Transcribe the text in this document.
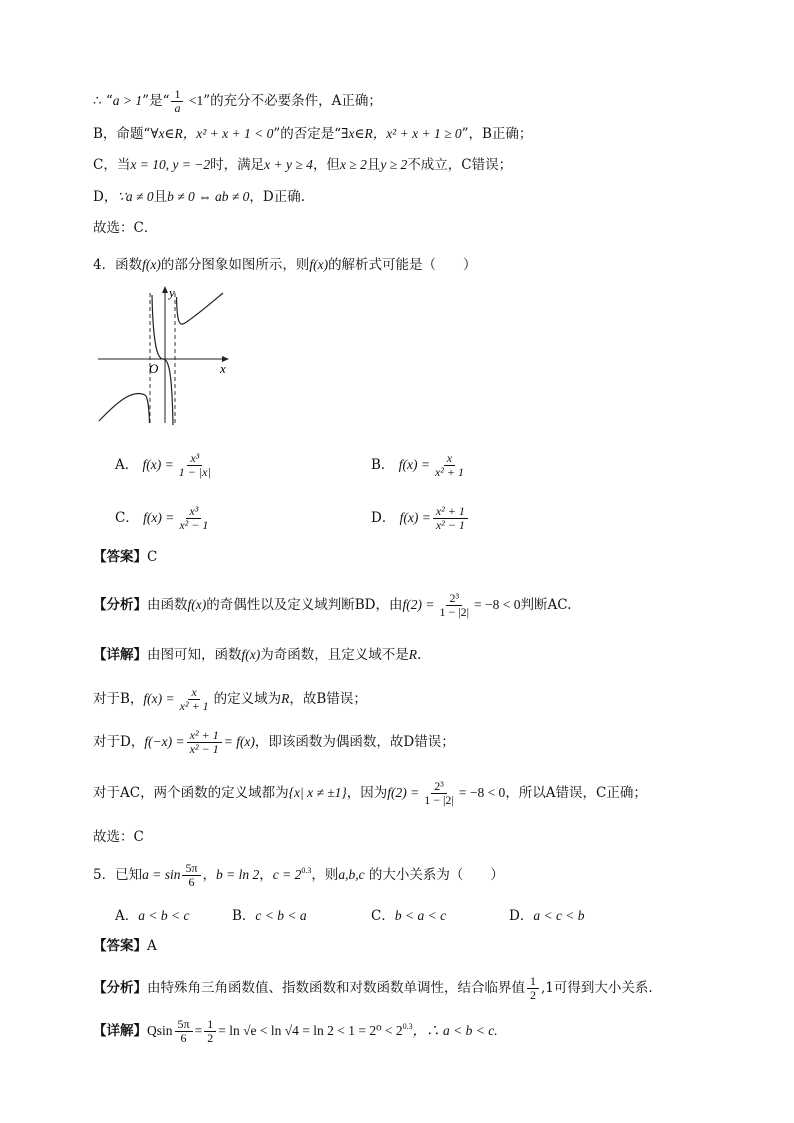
∴ “a > 1”是“ $\frac{1}{a} <1$”的充分不必要条件，A正确；
B，命题“∀x∈R，x² + x + 1 < 0”的否定是“∃x∈R，x² + x + 1 ≥ 0”，B正确；
C，当x = 10, y = −2时，满足x + y ≥ 4，但x ≥ 2且y ≥ 2不成立，C错误；
D，∵a ≠ 0且b ≠ 0 ⇔ ab ≠ 0，D正确.
故选：C．
4．函数f(x)的部分图象如图所示，则f(x)的解析式可能是（　　）
y
x
O
A． $f(x) = \frac{\text{x³}}{1 - |x|}$	B． $f(x) = \frac{x}{\text{x² + 1}}$
C． $f(x) = \frac{\text{x³}}{\text{x² − 1}}$	D． $f(x) = \frac{\text{x² + 1}}{\text{x² − 1}}$
【答案】C
【分析】由函数f(x)的奇偶性以及定义域判断BD，由$f(2) = \frac{\text{2³}}{1 - |2|} = -8 < 0$判断AC.
【详解】由图可知，函数f(x)为奇函数，且定义域不是R.
对于B，$f(x) = \frac{x}{\text{x² + 1}}$ 的定义域为R，故B错误；
对于D，$f(-x) = \frac{\text{x² + 1}}{\text{x² − 1}} = f(x)$，即该函数为偶函数，故D错误；
对于AC，两个函数的定义域都为{x| x ≠ ±1}，因为$f(2) = \frac{\text{2³}}{1 - |2|} = -8 < 0$，所以A错误，C正确；
故选：C
5．已知$a = \sin \frac{5\pi}{6}$ ，b = ln 2，$c = 2^{0.3}$，则a,b,c 的大小关系为（　　）
A．a < b < c	B．c < b < a	C．b < a < c	D．a < c < b
【答案】A
【分析】由特殊角三角函数值、指数函数和对数函数单调性，结合临界值 $\frac{1}{2} ,1$可得到大小关系.
【详解】Qsin $\frac{5\pi}{6} = \frac{1}{2} = \ln √e < \ln √4 = \ln 2 < 1 = 2^0 < 2^{0.3}$，∴ a < b < c.
